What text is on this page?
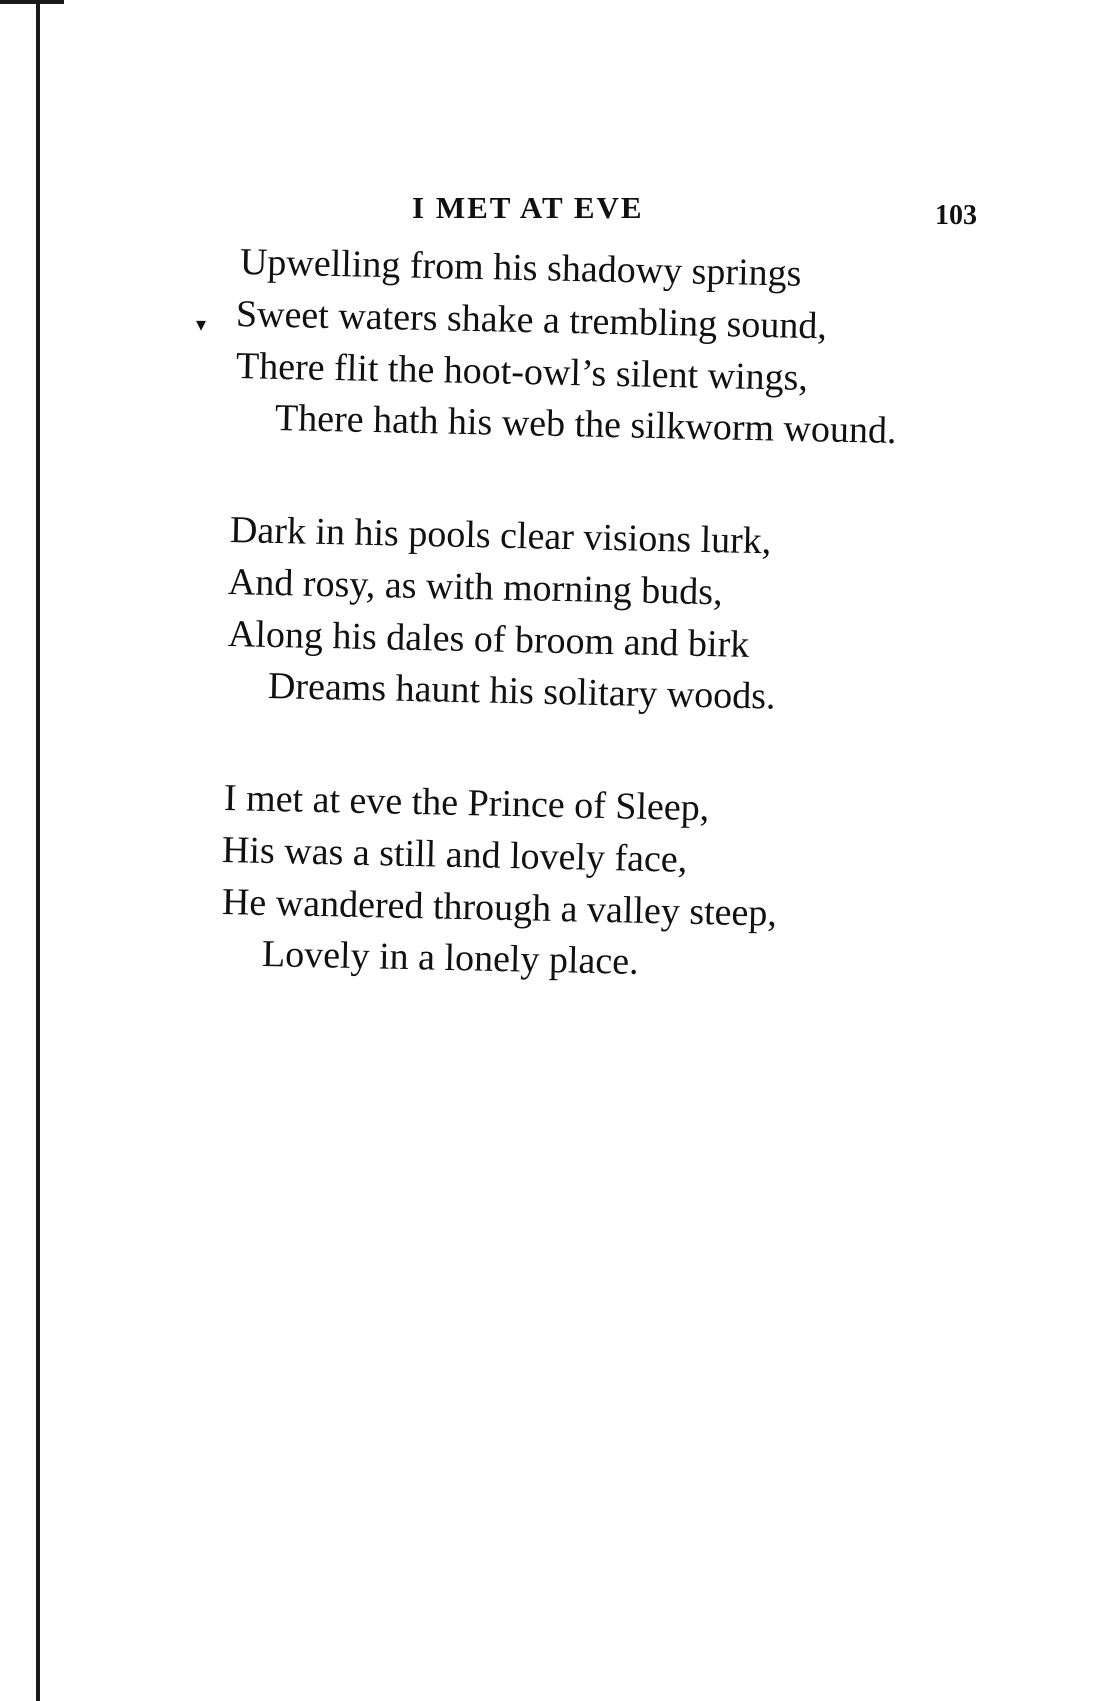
I MET AT EVE	103
▾
Upwelling from his shadowy springs
Sweet waters shake a trembling sound,
There flit the hoot-owl’s silent wings,
There hath his web the silkworm wound.
Dark in his pools clear visions lurk,
And rosy, as with morning buds,
Along his dales of broom and birk
Dreams haunt his solitary woods.
I met at eve the Prince of Sleep,
His was a still and lovely face,
He wandered through a valley steep,
Lovely in a lonely place.
